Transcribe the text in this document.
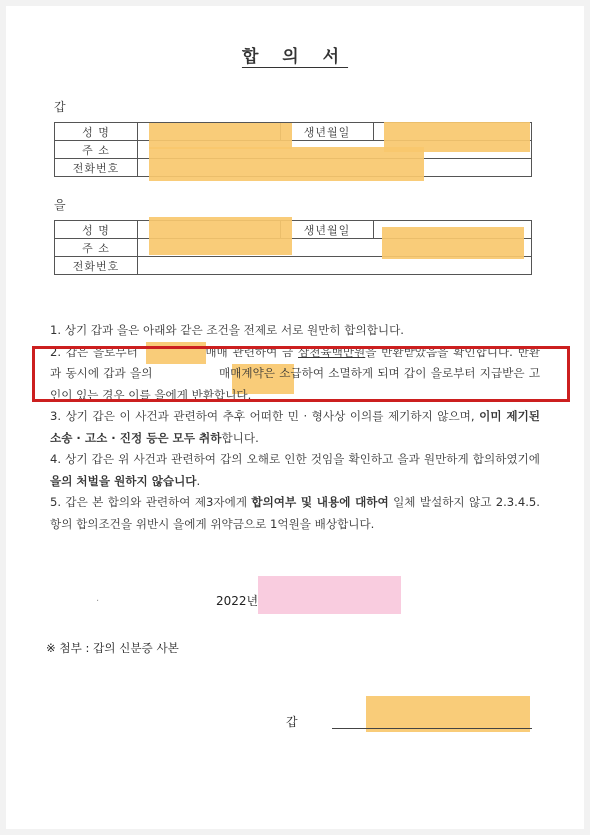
합 의 서
갑
성 명		생년월일	
주 소			
전화번호			
을
성 명		생년월일	
주 소			
전화번호			

1. 상기 갑과 을은 아래와 같은 조건을 전제로 서로 원만히 합의합니다.

2. 갑은 을로부터	매매 관련하여 금 삼천육백만원을 반환받았음을 확인합니다. 반환과 동시에 갑과 을의	매매계약은 소급하여 소멸하게 되며 갑이 을로부터 지급받은 고인이 있는 경우 이를 을에게 반환합니다.

3. 상기 갑은 이 사건과 관련하여 추후 어떠한 민 · 형사상 이의를 제기하지 않으며, 이미 제기된 소송 · 고소 · 진정 등은 모두 취하합니다.

4. 상기 갑은 위 사건과 관련하여 갑의 오해로 인한 것임을 확인하고 을과 원만하게 합의하였기에 을의 처벌을 원하지 않습니다.

5. 갑은 본 합의와 관련하여 제3자에게 합의여부 및 내용에 대하여 일체 발설하지 않고 2.3.4.5.항의 합의조건을 위반시 을에게 위약금으로 1억원을 배상합니다.

·	2022년
※ 첨부 : 갑의 신분증 사본
갑
